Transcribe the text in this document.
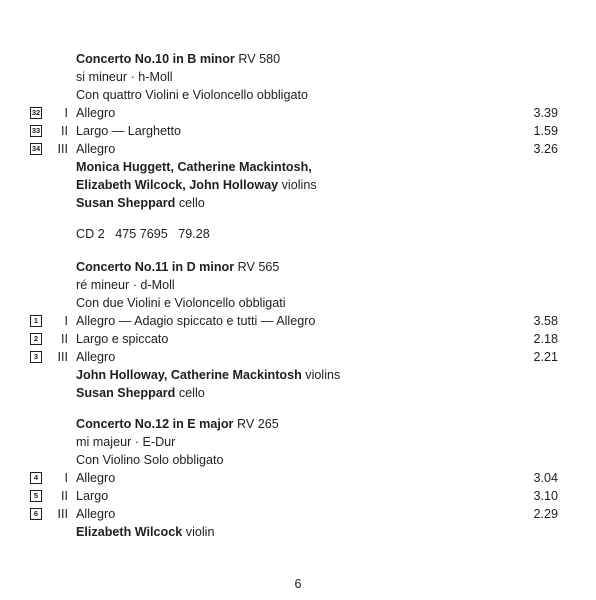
Concerto No.10 in B minor RV 580
si mineur · h-Moll
Con quattro Violini e Violoncello obbligato
32	I Allegro	3.39
33	II Largo — Larghetto	1.59
34	III Allegro	3.26
Monica Huggett, Catherine Mackintosh,
Elizabeth Wilcock, John Holloway violins
Susan Sheppard cello
CD 2   475 7695   79.28
Concerto No.11 in D minor RV 565
ré mineur · d-Moll
Con due Violini e Violoncello obbligati
1	I Allegro — Adagio spiccato e tutti — Allegro	3.58
2	II Largo e spiccato	2.18
3	III Allegro	2.21
John Holloway, Catherine Mackintosh violins
Susan Sheppard cello
Concerto No.12 in E major RV 265
mi majeur · E-Dur
Con Violino Solo obbligato
4	I Allegro	3.04
5	II Largo	3.10
6	III Allegro	2.29
Elizabeth Wilcock violin
6
